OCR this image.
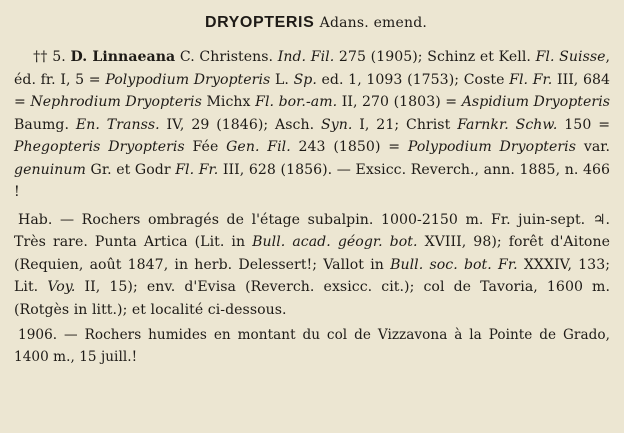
DRYOPTERIS Adans. emend.

†† 5. D. Linnaeana C. Christens. Ind. Fil. 275 (1905); Schinz et Kell. Fl. Suisse, éd. fr. I, 5 = Polypodium Dryopteris L. Sp. ed. 1, 1093 (1753); Coste Fl. Fr. III, 684 = Nephrodium Dryopteris Michx Fl. bor.-am. II, 270 (1803) = Aspidium Dryopteris Baumg. En. Transs. IV, 29 (1846); Asch. Syn. I, 21; Christ Farnkr. Schw. 150 = Phegopteris Dryopteris Fée Gen. Fil. 243 (1850) = Polypodium Dryopteris var. genuinum Gr. et Godr Fl. Fr. III, 628 (1856). — Exsicc. Reverch., ann. 1885, n. 466 !

Hab. — Rochers ombragés de l'étage subalpin. 1000-2150 m. Fr. juin-sept. ♃. Très rare. Punta Artica (Lit. in Bull. acad. géogr. bot. XVIII, 98); forêt d'Aitone (Requien, août 1847, in herb. Delessert!; Vallot in Bull. soc. bot. Fr. XXXIV, 133; Lit. Voy. II, 15); env. d'Evisa (Reverch. exsicc. cit.); col de Tavoria, 1600 m. (Rotgès in litt.); et localité ci-dessous.

1906. — Rochers humides en montant du col de Vizzavona à la Pointe de Grado, 1400 m., 15 juill.!
